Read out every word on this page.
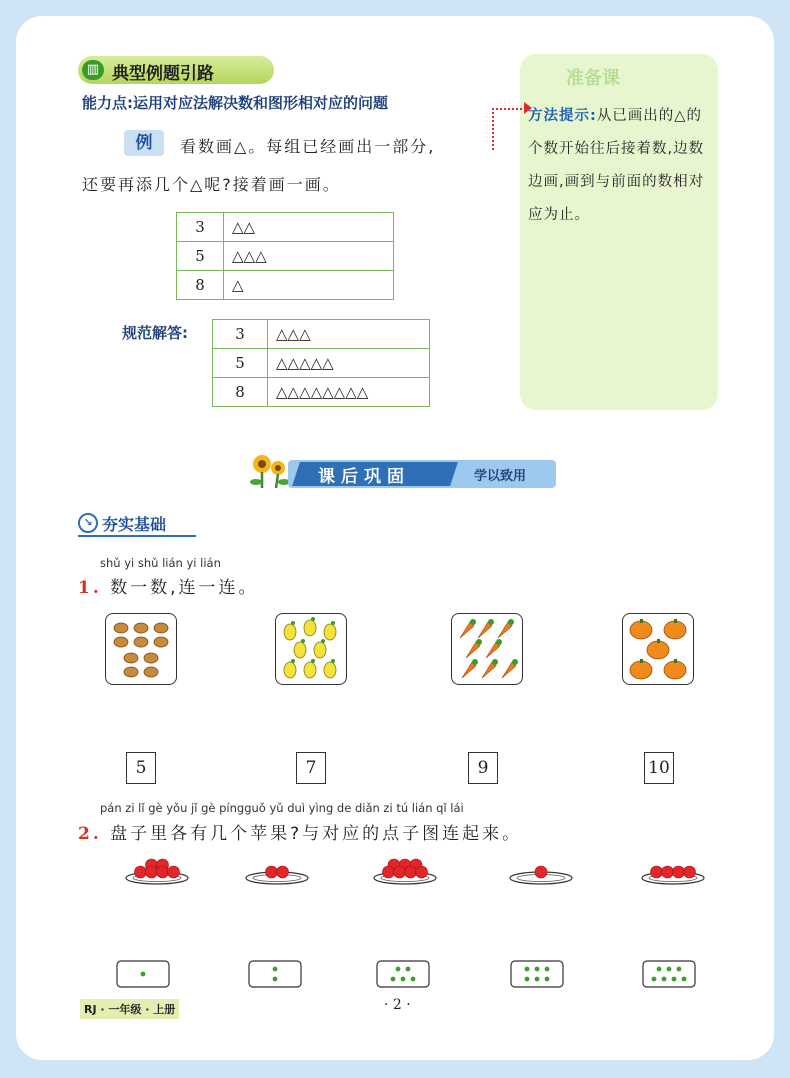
▥ 典型例题引路
能力点:运用对应法解决数和图形相对应的问题
例	看数画△。每组已经画出一部分,
还要再添几个△呢?接着画一画。
3	△△
5	△△△
8	△
规范解答:	3	△△△
5	△△△△△
8	△△△△△△△△
准备课
方法提示:从已画出的△的个数开始往后接着数,边数边画,画到与前面的数相对应为止。
课后巩固	学以致用
↘ 夯实基础
shǔ yi shǔ lián yi lián
1. 数一数,连一连。
5	7	9	10
pán zi lǐ gè yǒu jǐ gè píngguǒ yǔ duì yìng de diǎn zi tú lián qǐ lái
2. 盘子里各有几个苹果?与对应的点子图连起来。
RJ · 一年级 · 上册	· 2 ·
